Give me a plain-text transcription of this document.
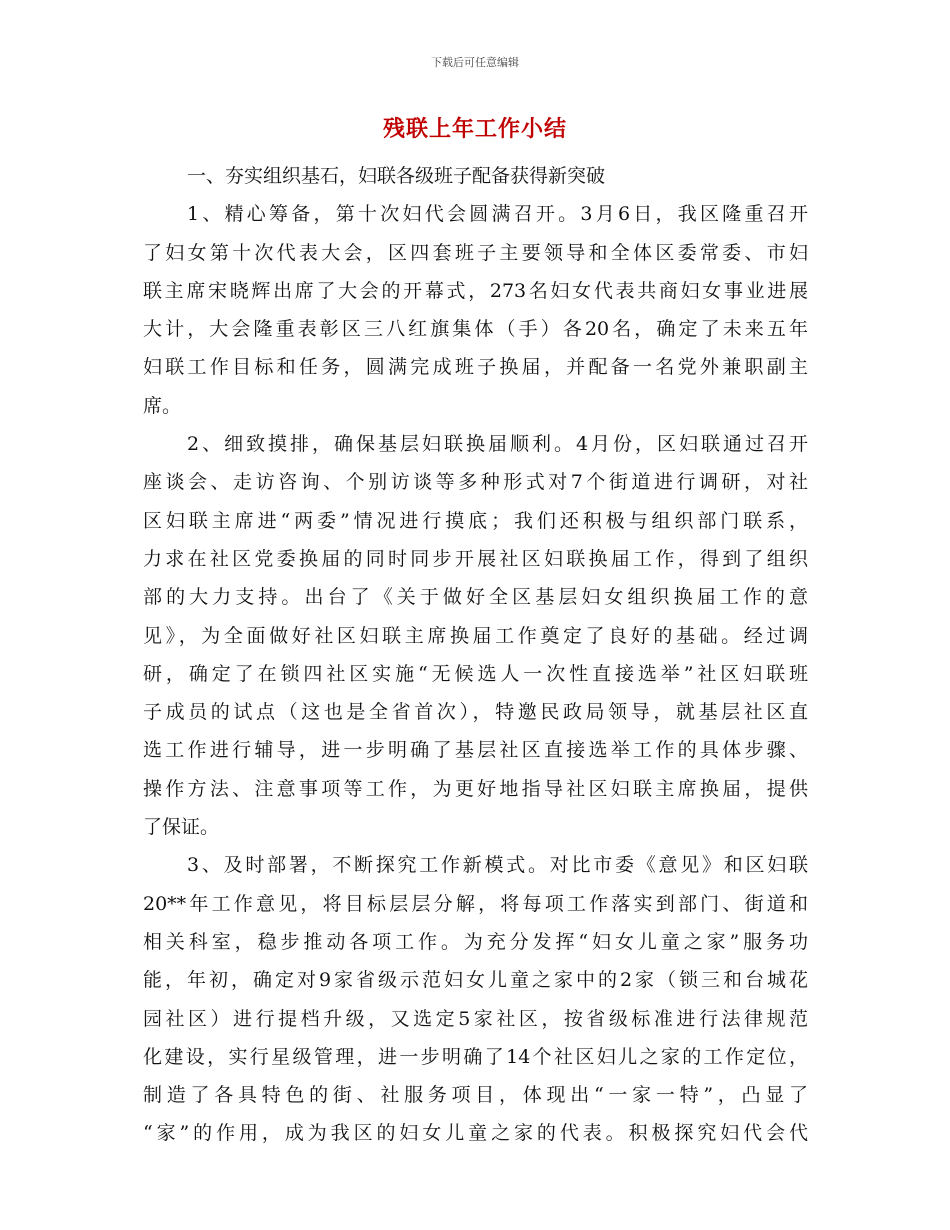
下载后可任意编辑
残联上年工作小结
一、夯实组织基石，妇联各级班子配备获得新突破
1、精心筹备，第十次妇代会圆满召开。3月6日，我区隆重召开
了妇女第十次代表大会，区四套班子主要领导和全体区委常委、市妇
联主席宋晓辉出席了大会的开幕式，273名妇女代表共商妇女事业进展
大计，大会隆重表彰区三八红旗集体（手）各20名，确定了未来五年
妇联工作目标和任务，圆满完成班子换届，并配备一名党外兼职副主
席。
2、细致摸排，确保基层妇联换届顺利。4月份，区妇联通过召开
座谈会、走访咨询、个别访谈等多种形式对7个街道进行调研，对社
区妇联主席进“两委”情况进行摸底；我们还积极与组织部门联系，
力求在社区党委换届的同时同步开展社区妇联换届工作，得到了组织
部的大力支持。出台了《关于做好全区基层妇女组织换届工作的意
见》，为全面做好社区妇联主席换届工作奠定了良好的基础。经过调
研，确定了在锁四社区实施“无候选人一次性直接选举”社区妇联班
子成员的试点（这也是全省首次），特邀民政局领导，就基层社区直
选工作进行辅导，进一步明确了基层社区直接选举工作的具体步骤、
操作方法、注意事项等工作，为更好地指导社区妇联主席换届，提供
了保证。
3、及时部署，不断探究工作新模式。对比市委《意见》和区妇联
20**年工作意见，将目标层层分解，将每项工作落实到部门、街道和
相关科室，稳步推动各项工作。为充分发挥“妇女儿童之家”服务功
能，年初，确定对9家省级示范妇女儿童之家中的2家（锁三和台城花
园社区）进行提档升级，又选定5家社区，按省级标准进行法律规范
化建设，实行星级管理，进一步明确了14个社区妇儿之家的工作定位，
制造了各具特色的街、社服务项目，体现出“一家一特”，凸显了
“家”的作用，成为我区的妇女儿童之家的代表。积极探究妇代会代
